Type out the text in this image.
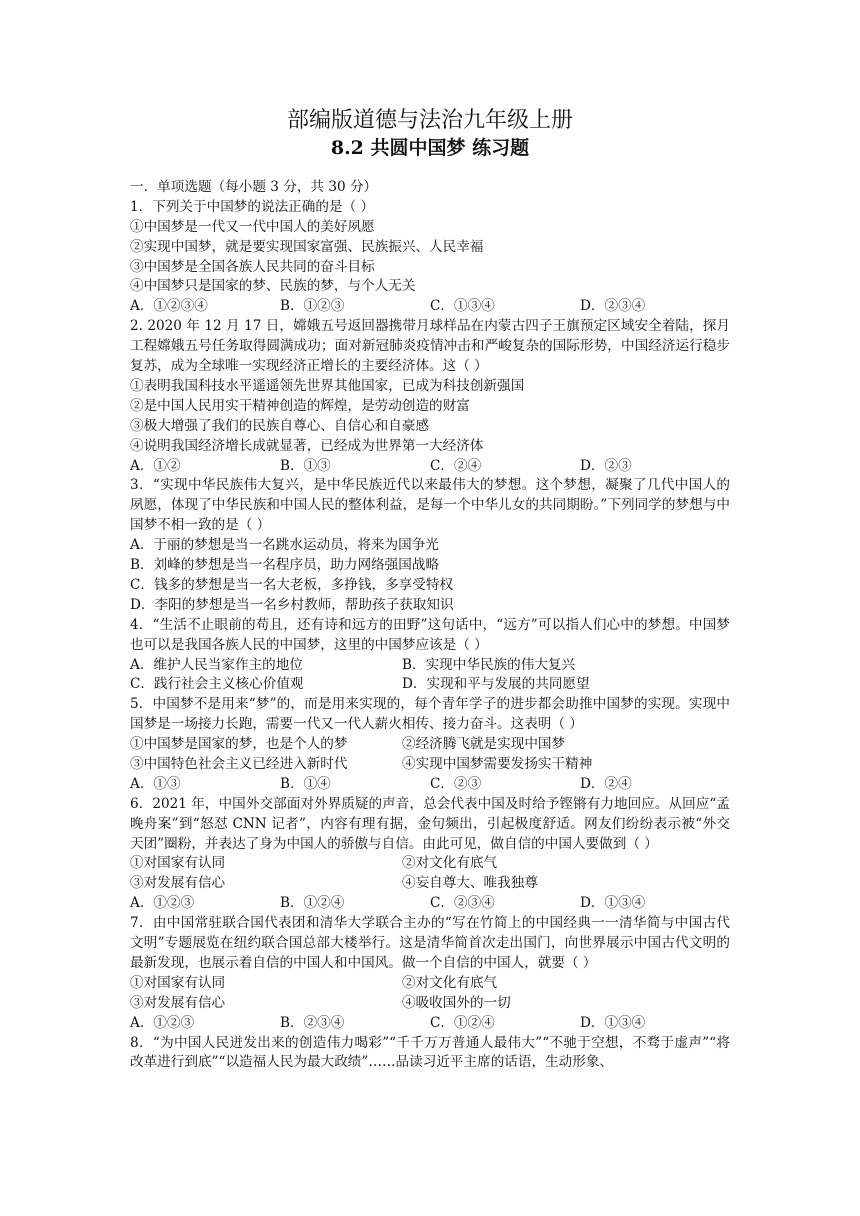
部编版道德与法治九年级上册
8.2 共圆中国梦 练习题
一．单项选题（每小题 3 分，共 30 分）
1．下列关于中国梦的说法正确的是（ ）
①中国梦是一代又一代中国人的美好夙愿
②实现中国梦，就是要实现国家富强、民族振兴、人民幸福
③中国梦是全国各族人民共同的奋斗目标
④中国梦只是国家的梦、民族的梦，与个人无关
A．①②③④	B．①②③	C．①③④	D．②③④
2. 2020 年 12 月 17 日，嫦娥五号返回器携带月球样品在内蒙古四子王旗预定区域安全着陆，探月工程嫦娥五号任务取得圆满成功；面对新冠肺炎疫情冲击和严峻复杂的国际形势，中国经济运行稳步复苏，成为全球唯一实现经济正增长的主要经济体。这（ ）
①表明我国科技水平遥遥领先世界其他国家，已成为科技创新强国
②是中国人民用实干精神创造的辉煌，是劳动创造的财富
③极大增强了我们的民族自尊心、自信心和自豪感
④说明我国经济增长成就显著，已经成为世界第一大经济体
A．①②	B．①③	C．②④	D．②③
3．“实现中华民族伟大复兴，是中华民族近代以来最伟大的梦想。这个梦想，凝聚了几代中国人的夙愿，体现了中华民族和中国人民的整体利益，是每一个中华儿女的共同期盼。”下列同学的梦想与中国梦不相一致的是（ ）
A．于丽的梦想是当一名跳水运动员，将来为国争光
B．刘峰的梦想是当一名程序员，助力网络强国战略
C．钱多的梦想是当一名大老板，多挣钱，多享受特权
D．李阳的梦想是当一名乡村教师，帮助孩子获取知识
4．“生活不止眼前的苟且，还有诗和远方的田野”这句话中，“远方”可以指人们心中的梦想。中国梦也可以是我国各族人民的中国梦，这里的中国梦应该是（ ）
A．维护人民当家作主的地位	B．实现中华民族的伟大复兴
C．践行社会主义核心价值观	D．实现和平与发展的共同愿望
5．中国梦不是用来“梦”的，而是用来实现的，每个青年学子的进步都会助推中国梦的实现。实现中国梦是一场接力长跑，需要一代又一代人薪火相传、接力奋斗。这表明（ ）
①中国梦是国家的梦，也是个人的梦	②经济腾飞就是实现中国梦
③中国特色社会主义已经进入新时代	④实现中国梦需要发扬实干精神
A．①③	B．①④	C．②③	D．②④
6．2021 年，中国外交部面对外界质疑的声音，总会代表中国及时给予铿锵有力地回应。从回应“孟晚舟案”到“怒怼 CNN 记者”，内容有理有据，金句频出，引起极度舒适。网友们纷纷表示被“外交天团”圈粉，并表达了身为中国人的骄傲与自信。由此可见，做自信的中国人要做到（ ）
①对国家有认同	②对文化有底气
③对发展有信心	④妄自尊大、唯我独尊
A．①②③	B．①②④	C．②③④	D．①③④
7．由中国常驻联合国代表团和清华大学联合主办的“写在竹简上的中国经典一一清华简与中国古代文明”专题展览在纽约联合国总部大楼举行。这是清华简首次走出国门，向世界展示中国古代文明的最新发现，也展示着自信的中国人和中国风。做一个自信的中国人，就要（ ）
①对国家有认同	②对文化有底气
③对发展有信心	④吸收国外的一切
A．①②③	B．②③④	C．①②④	D．①③④
8．“为中国人民迸发出来的创造伟力喝彩”“千千万万普通人最伟大”“不驰于空想，不骛于虚声”“将改革进行到底”“以造福人民为最大政绩”……品读习近平主席的话语，生动形象、
